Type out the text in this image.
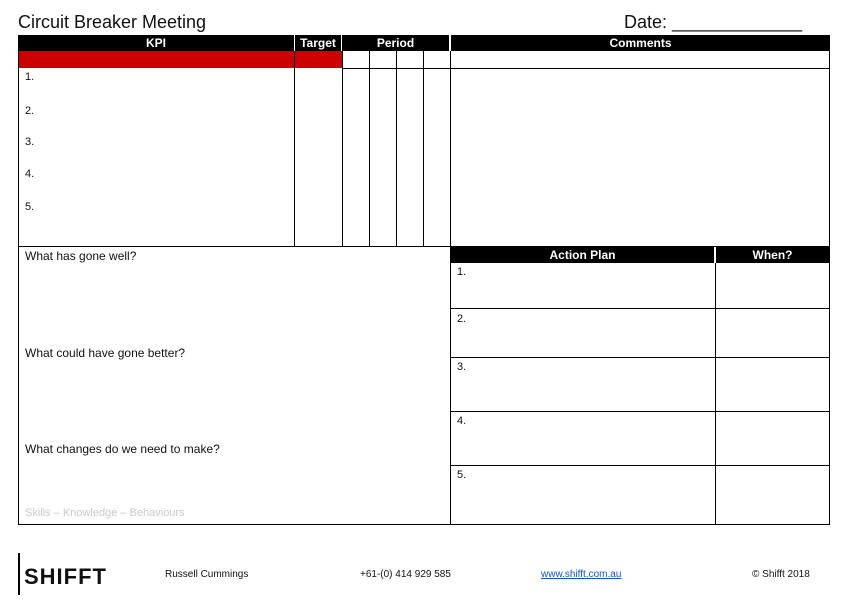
Circuit Breaker Meeting	Date: _____________
KPI	Target	Period	Comments
1.
2.
3.
4.
5.
What has gone well?
What could have gone better?
What changes do we need to make?
Skills – Knowledge – Behaviours
Action Plan	When?
1.
2.
3.
4.
5.
SHIFFT	Russell Cummings	+61-(0) 414 929 585	www.shifft.com.au	© Shifft 2018
